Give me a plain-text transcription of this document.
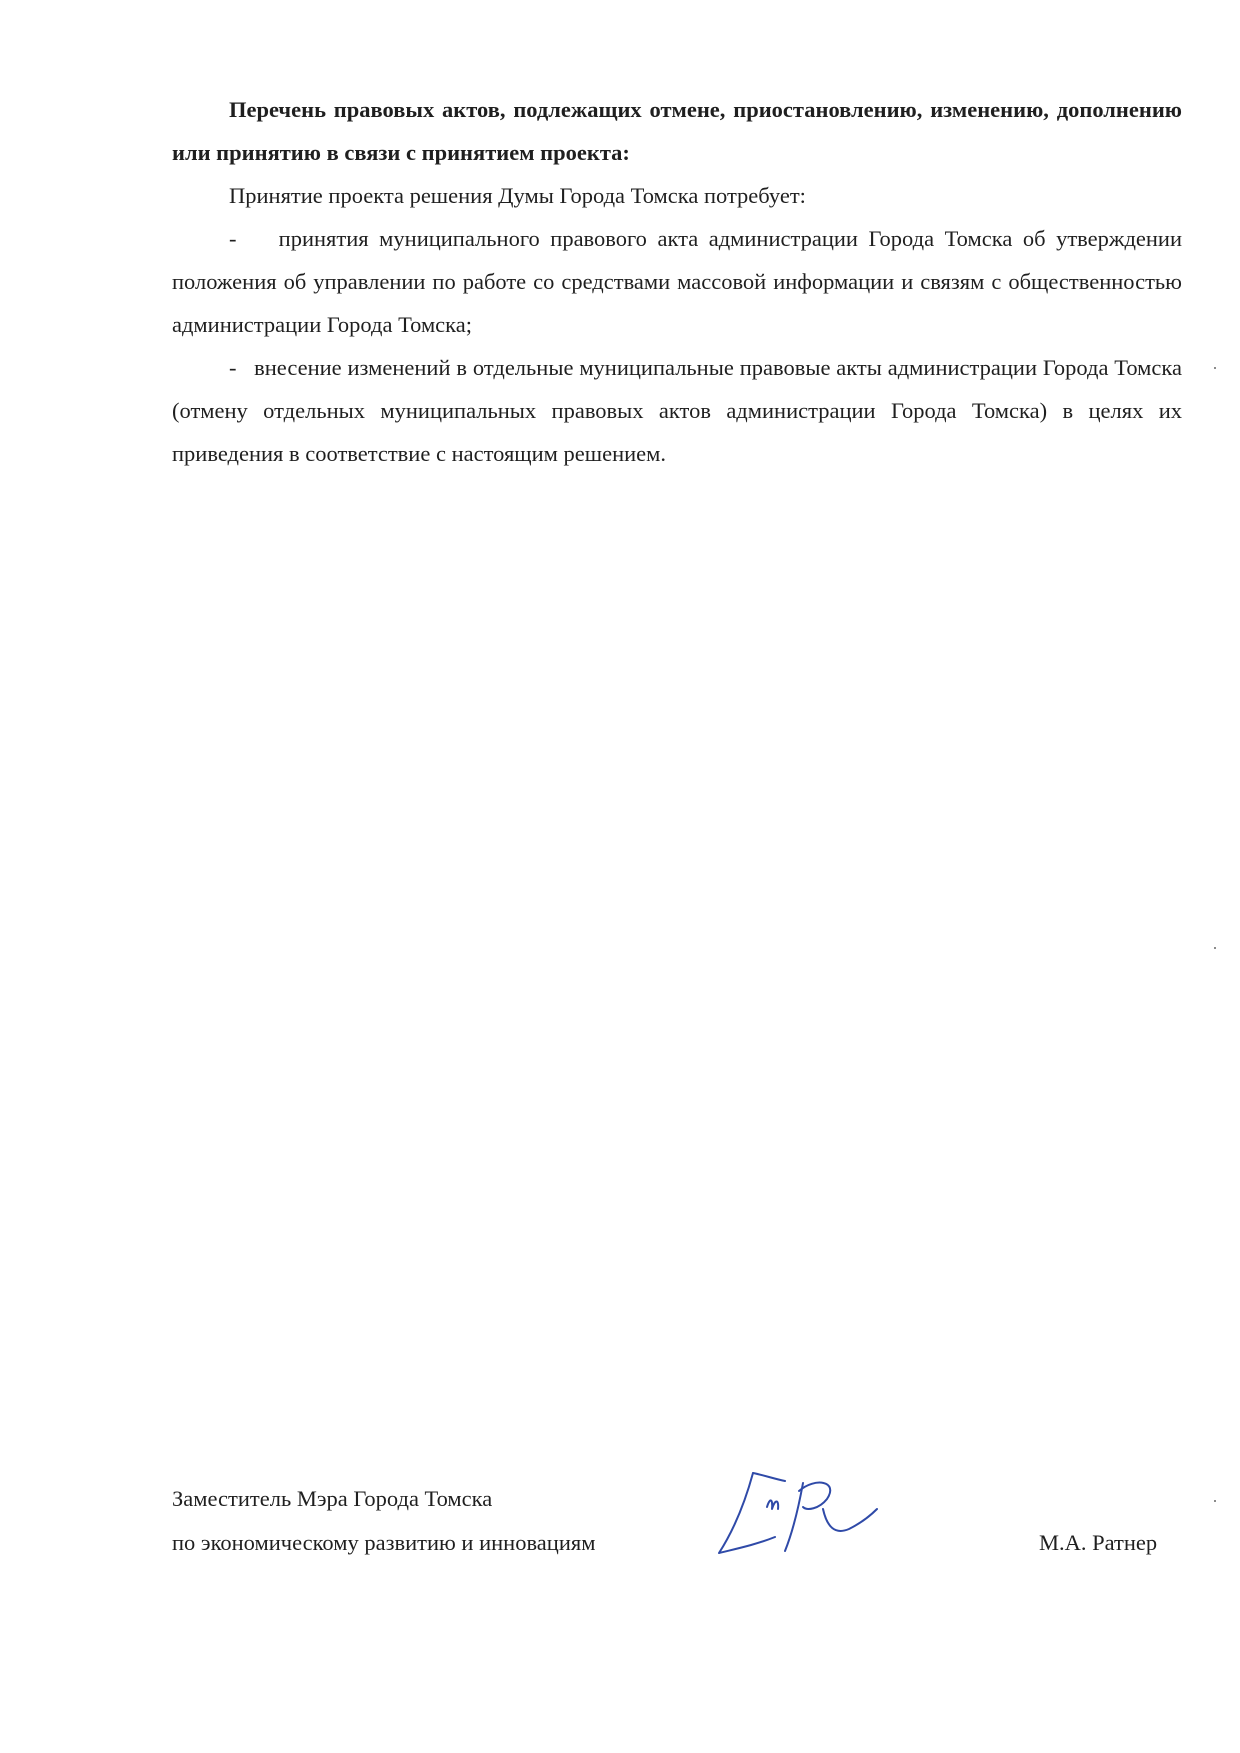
Перечень правовых актов, подлежащих отмене, приостановлению, изменению, дополнению или принятию в связи с принятием проекта:

Принятие проекта решения Думы Города Томска потребует:

-    принятия муниципального правового акта администрации Города Томска об утверждении положения об управлении по работе со средствами массовой информации и связям с общественностью администрации Города Томска;

-   внесение изменений в отдельные муниципальные правовые акты администрации Города Томска (отмену отдельных муниципальных правовых актов администрации Города Томска) в целях их приведения в соответствие с настоящим решением.

Заместитель Мэра Города Томска
по экономическому развитию и инновациям	М.А. Ратнер
